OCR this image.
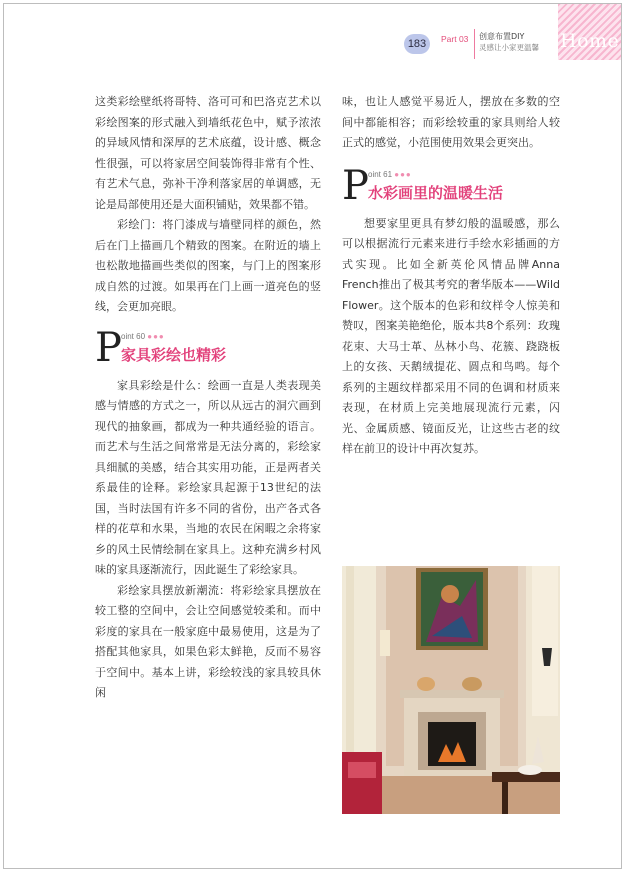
183	Part 03 创意布置DIY
灵感让小家更温馨 Home

这类彩绘壁纸将哥特、洛可可和巴洛克艺术以彩绘图案的形式融入到墙纸花色中，赋予浓浓的异域风情和深厚的艺术底蕴，设计感、概念性很强，可以将家居空间装饰得非常有个性、有艺术气息，弥补干净利落家居的单调感，无论是局部使用还是大面积铺贴，效果都不错。

彩绘门：将门漆成与墙壁同样的颜色，然后在门上描画几个精致的图案。在附近的墙上也松散地描画些类似的图案，与门上的图案形成自然的过渡。如果再在门上画一道亮色的竖线，会更加亮眼。

P oint 60 ●●●
家具彩绘也精彩

家具彩绘是什么：绘画一直是人类表现美感与情感的方式之一，所以从远古的洞穴画到现代的抽象画，都成为一种共通经验的语言。而艺术与生活之间常常是无法分离的，彩绘家具细腻的美感，结合其实用功能，正是两者关系最佳的诠释。彩绘家具起源于13世纪的法国，当时法国有许多不同的省份，出产各式各样的花草和水果，当地的农民在闲暇之余将家乡的风土民情绘制在家具上。这种充满乡村风味的家具逐渐流行，因此诞生了彩绘家具。

彩绘家具摆放新潮流：将彩绘家具摆放在较工整的空间中，会让空间感觉较柔和。而中彩度的家具在一般家庭中最易使用，这是为了搭配其他家具，如果色彩太鲜艳，反而不易容于空间中。基本上讲，彩绘较浅的家具较具休闲

味，也让人感觉平易近人，摆放在多数的空间中都能相容；而彩绘较重的家具则给人较正式的感觉，小范围使用效果会更突出。

P oint 61 ●●●
水彩画里的温暖生活

想要家里更具有梦幻般的温暖感，那么可以根据流行元素来进行手绘水彩插画的方式实现。比如全新英伦风情品牌Anna French推出了极其考究的奢华版本——Wild Flower。这个版本的色彩和纹样令人惊美和赞叹，图案美艳绝伦，版本共8个系列：玫瑰花束、大马士革、丛林小鸟、花簇、跷跷板上的女孩、天鹅绒提花、圆点和鸟鸣。每个系列的主题纹样都采用不同的色调和材质来表现，在材质上完美地展现流行元素，闪光、金属质感、镜面反光，让这些古老的纹样在前卫的设计中再次复苏。
